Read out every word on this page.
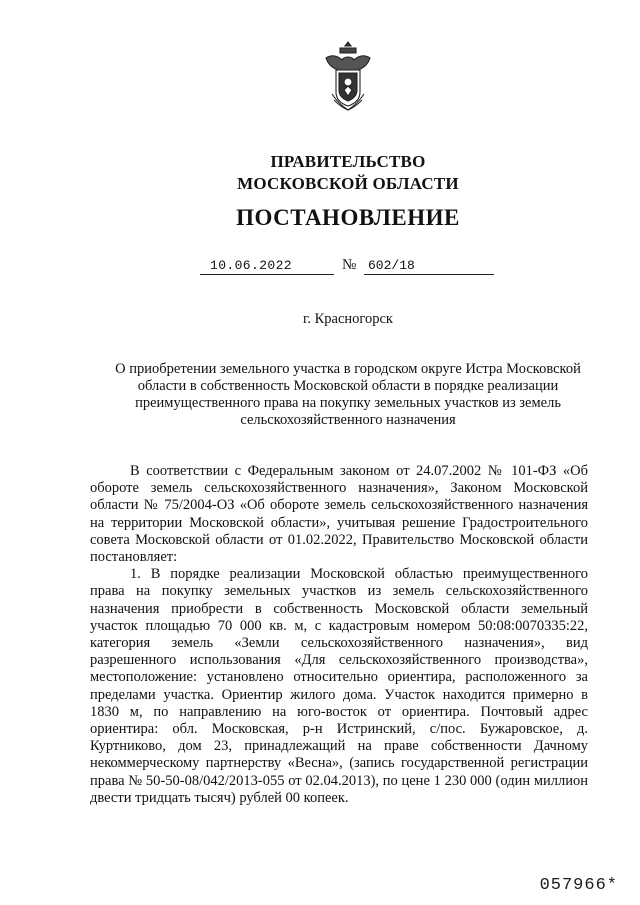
ПРАВИТЕЛЬСТВО
МОСКОВСКОЙ ОБЛАСТИ
ПОСТАНОВЛЕНИЕ
10.06.2022	№ 602/18
г. Красногорск
О приобретении земельного участка в городском округе Истра Московской области в собственность Московской области в порядке реализации преимущественного права на покупку земельных участков из земель сельскохозяйственного назначения

В соответствии с Федеральным законом от 24.07.2002 № 101-ФЗ «Об обороте земель сельскохозяйственного назначения», Законом Московской области № 75/2004-ОЗ «Об обороте земель сельскохозяйственного назначения на территории Московской области», учитывая решение Градостроительного совета Московской области от 01.02.2022, Правительство Московской области постановляет:

1. В порядке реализации Московской областью преимущественного права на покупку земельных участков из земель сельскохозяйственного назначения приобрести в собственность Московской области земельный участок площадью 70 000 кв. м, с кадастровым номером 50:08:0070335:22, категория земель «Земли сельскохозяйственного назначения», вид разрешенного использования «Для сельскохозяйственного производства», местоположение: установлено относительно ориентира, расположенного за пределами участка. Ориентир жилого дома. Участок находится примерно в 1830 м, по направлению на юго-восток от ориентира. Почтовый адрес ориентира: обл. Московская, р-н Истринский, с/пос. Бужаровское, д. Куртниково, дом 23, принадлежащий на праве собственности Дачному некоммерческому партнерству «Весна», (запись государственной регистрации права № 50-50-08/042/2013-055 от 02.04.2013), по цене 1 230 000 (один миллион двести тридцать тысяч) рублей 00 копеек.

057966*
